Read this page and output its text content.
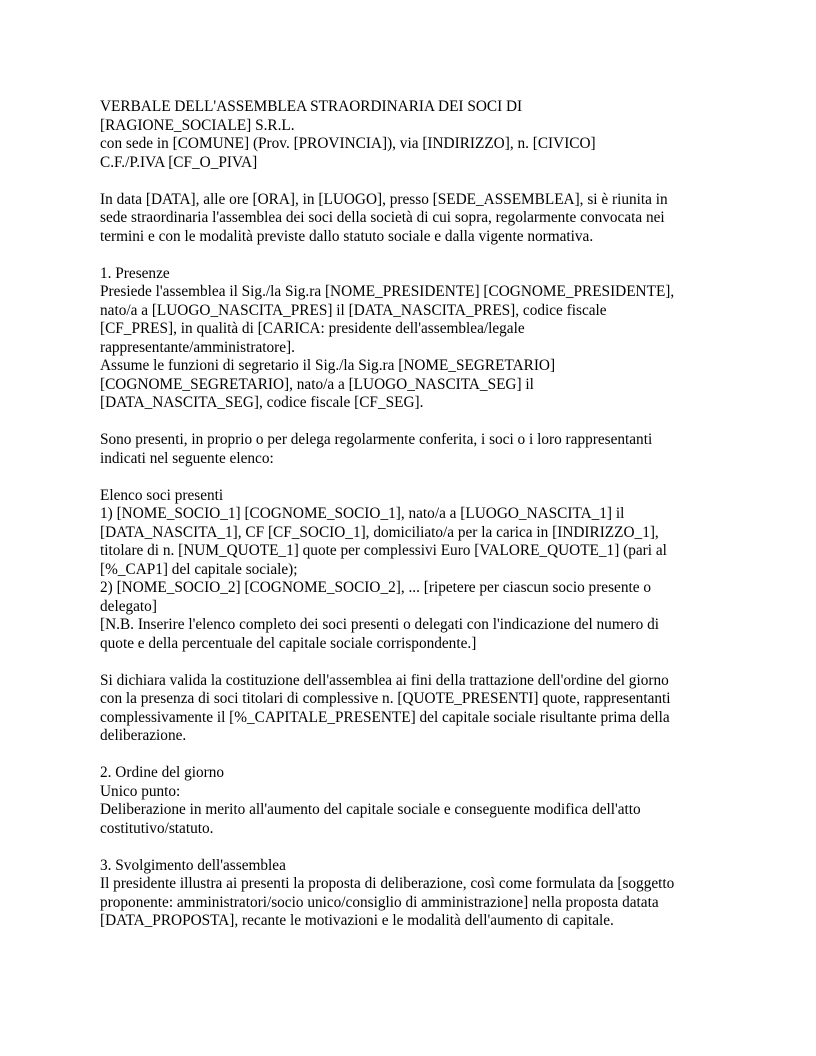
VERBALE DELL'ASSEMBLEA STRAORDINARIA DEI SOCI DI
[RAGIONE_SOCIALE] S.R.L.
con sede in [COMUNE] (Prov. [PROVINCIA]), via [INDIRIZZO], n. [CIVICO]
C.F./P.IVA [CF_O_PIVA]
In data [DATA], alle ore [ORA], in [LUOGO], presso [SEDE_ASSEMBLEA], si è riunita in
sede straordinaria l'assemblea dei soci della società di cui sopra, regolarmente convocata nei
termini e con le modalità previste dallo statuto sociale e dalla vigente normativa.
1. Presenze
Presiede l'assemblea il Sig./la Sig.ra [NOME_PRESIDENTE] [COGNOME_PRESIDENTE],
nato/a a [LUOGO_NASCITA_PRES] il [DATA_NASCITA_PRES], codice fiscale
[CF_PRES], in qualità di [CARICA: presidente dell'assemblea/legale
rappresentante/amministratore].
Assume le funzioni di segretario il Sig./la Sig.ra [NOME_SEGRETARIO]
[COGNOME_SEGRETARIO], nato/a a [LUOGO_NASCITA_SEG] il
[DATA_NASCITA_SEG], codice fiscale [CF_SEG].
Sono presenti, in proprio o per delega regolarmente conferita, i soci o i loro rappresentanti
indicati nel seguente elenco:
Elenco soci presenti
1) [NOME_SOCIO_1] [COGNOME_SOCIO_1], nato/a a [LUOGO_NASCITA_1] il
[DATA_NASCITA_1], CF [CF_SOCIO_1], domiciliato/a per la carica in [INDIRIZZO_1],
titolare di n. [NUM_QUOTE_1] quote per complessivi Euro [VALORE_QUOTE_1] (pari al
[%_CAP1] del capitale sociale);
2) [NOME_SOCIO_2] [COGNOME_SOCIO_2], ... [ripetere per ciascun socio presente o
delegato]
[N.B. Inserire l'elenco completo dei soci presenti o delegati con l'indicazione del numero di
quote e della percentuale del capitale sociale corrispondente.]
Si dichiara valida la costituzione dell'assemblea ai fini della trattazione dell'ordine del giorno
con la presenza di soci titolari di complessive n. [QUOTE_PRESENTI] quote, rappresentanti
complessivamente il [%_CAPITALE_PRESENTE] del capitale sociale risultante prima della
deliberazione.
2. Ordine del giorno
Unico punto:
Deliberazione in merito all'aumento del capitale sociale e conseguente modifica dell'atto
costitutivo/statuto.
3. Svolgimento dell'assemblea
Il presidente illustra ai presenti la proposta di deliberazione, così come formulata da [soggetto
proponente: amministratori/socio unico/consiglio di amministrazione] nella proposta datata
[DATA_PROPOSTA], recante le motivazioni e le modalità dell'aumento di capitale.
